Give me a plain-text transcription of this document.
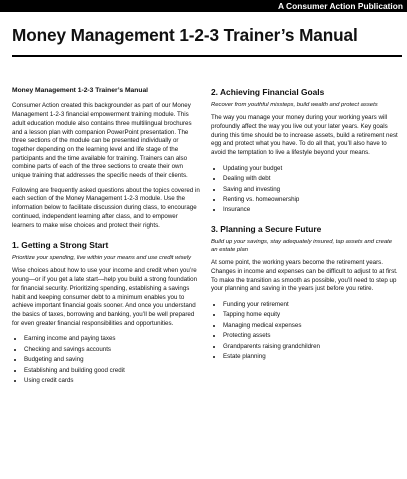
A Consumer Action Publication
Money Management 1-2-3 Trainer’s Manual
Money Management 1-2-3 Trainer’s Manual

Consumer Action created this backgrounder as part of our Money Management 1-2-3 financial empowerment training module. This adult education module also contains three multilingual brochures and a lesson plan with companion PowerPoint presentation. The three sections of the module can be presented individually or together depending on the learning level and life stage of the participants and the time available for training. Trainers can also combine parts of each of the three sections to create their own unique training that addresses the specific needs of their clients.

Following are frequently asked questions about the topics covered in each section of the Money Management 1-2-3 module. Use the information below to facilitate discussion during class, to encourage continued, independent learning after class, and to empower learners to make wise choices and protect their rights.

1. Getting a Strong Start

Prioritize your spending, live within your means and use credit wisely

Wise choices about how to use your income and credit when you’re young—or if you get a late start—help you build a strong foundation for financial security. Prioritizing spending, establishing a savings habit and keeping consumer debt to a minimum enables you to achieve important financial goals sooner. And once you understand the basics of taxes, borrowing and banking, you’ll be well prepared for even greater financial responsibilities and opportunities.

• Earning income and paying taxes
• Checking and savings accounts
• Budgeting and saving
• Establishing and building good credit
• Using credit cards
2. Achieving Financial Goals

Recover from youthful missteps, build wealth and protect assets

The way you manage your money during your working years will profoundly affect the way you live out your later years. Key goals during this time should be to increase assets, build a retirement nest egg and protect what you have. To do all that, you’ll also have to avoid the temptation to live a lifestyle beyond your means.

• Updating your budget
• Dealing with debt
• Saving and investing
• Renting vs. homeownership
• Insurance
3. Planning a Secure Future

Build up your savings, stay adequately insured, tap assets and create an estate plan

At some point, the working years become the retirement years. Changes in income and expenses can be difficult to adjust to at first. To make the transition as smooth as possible, you’ll need to step up your planning and saving in the years just before you retire.

• Funding your retirement
• Tapping home equity
• Managing medical expenses
• Protecting assets
• Grandparents raising grandchildren
• Estate planning
